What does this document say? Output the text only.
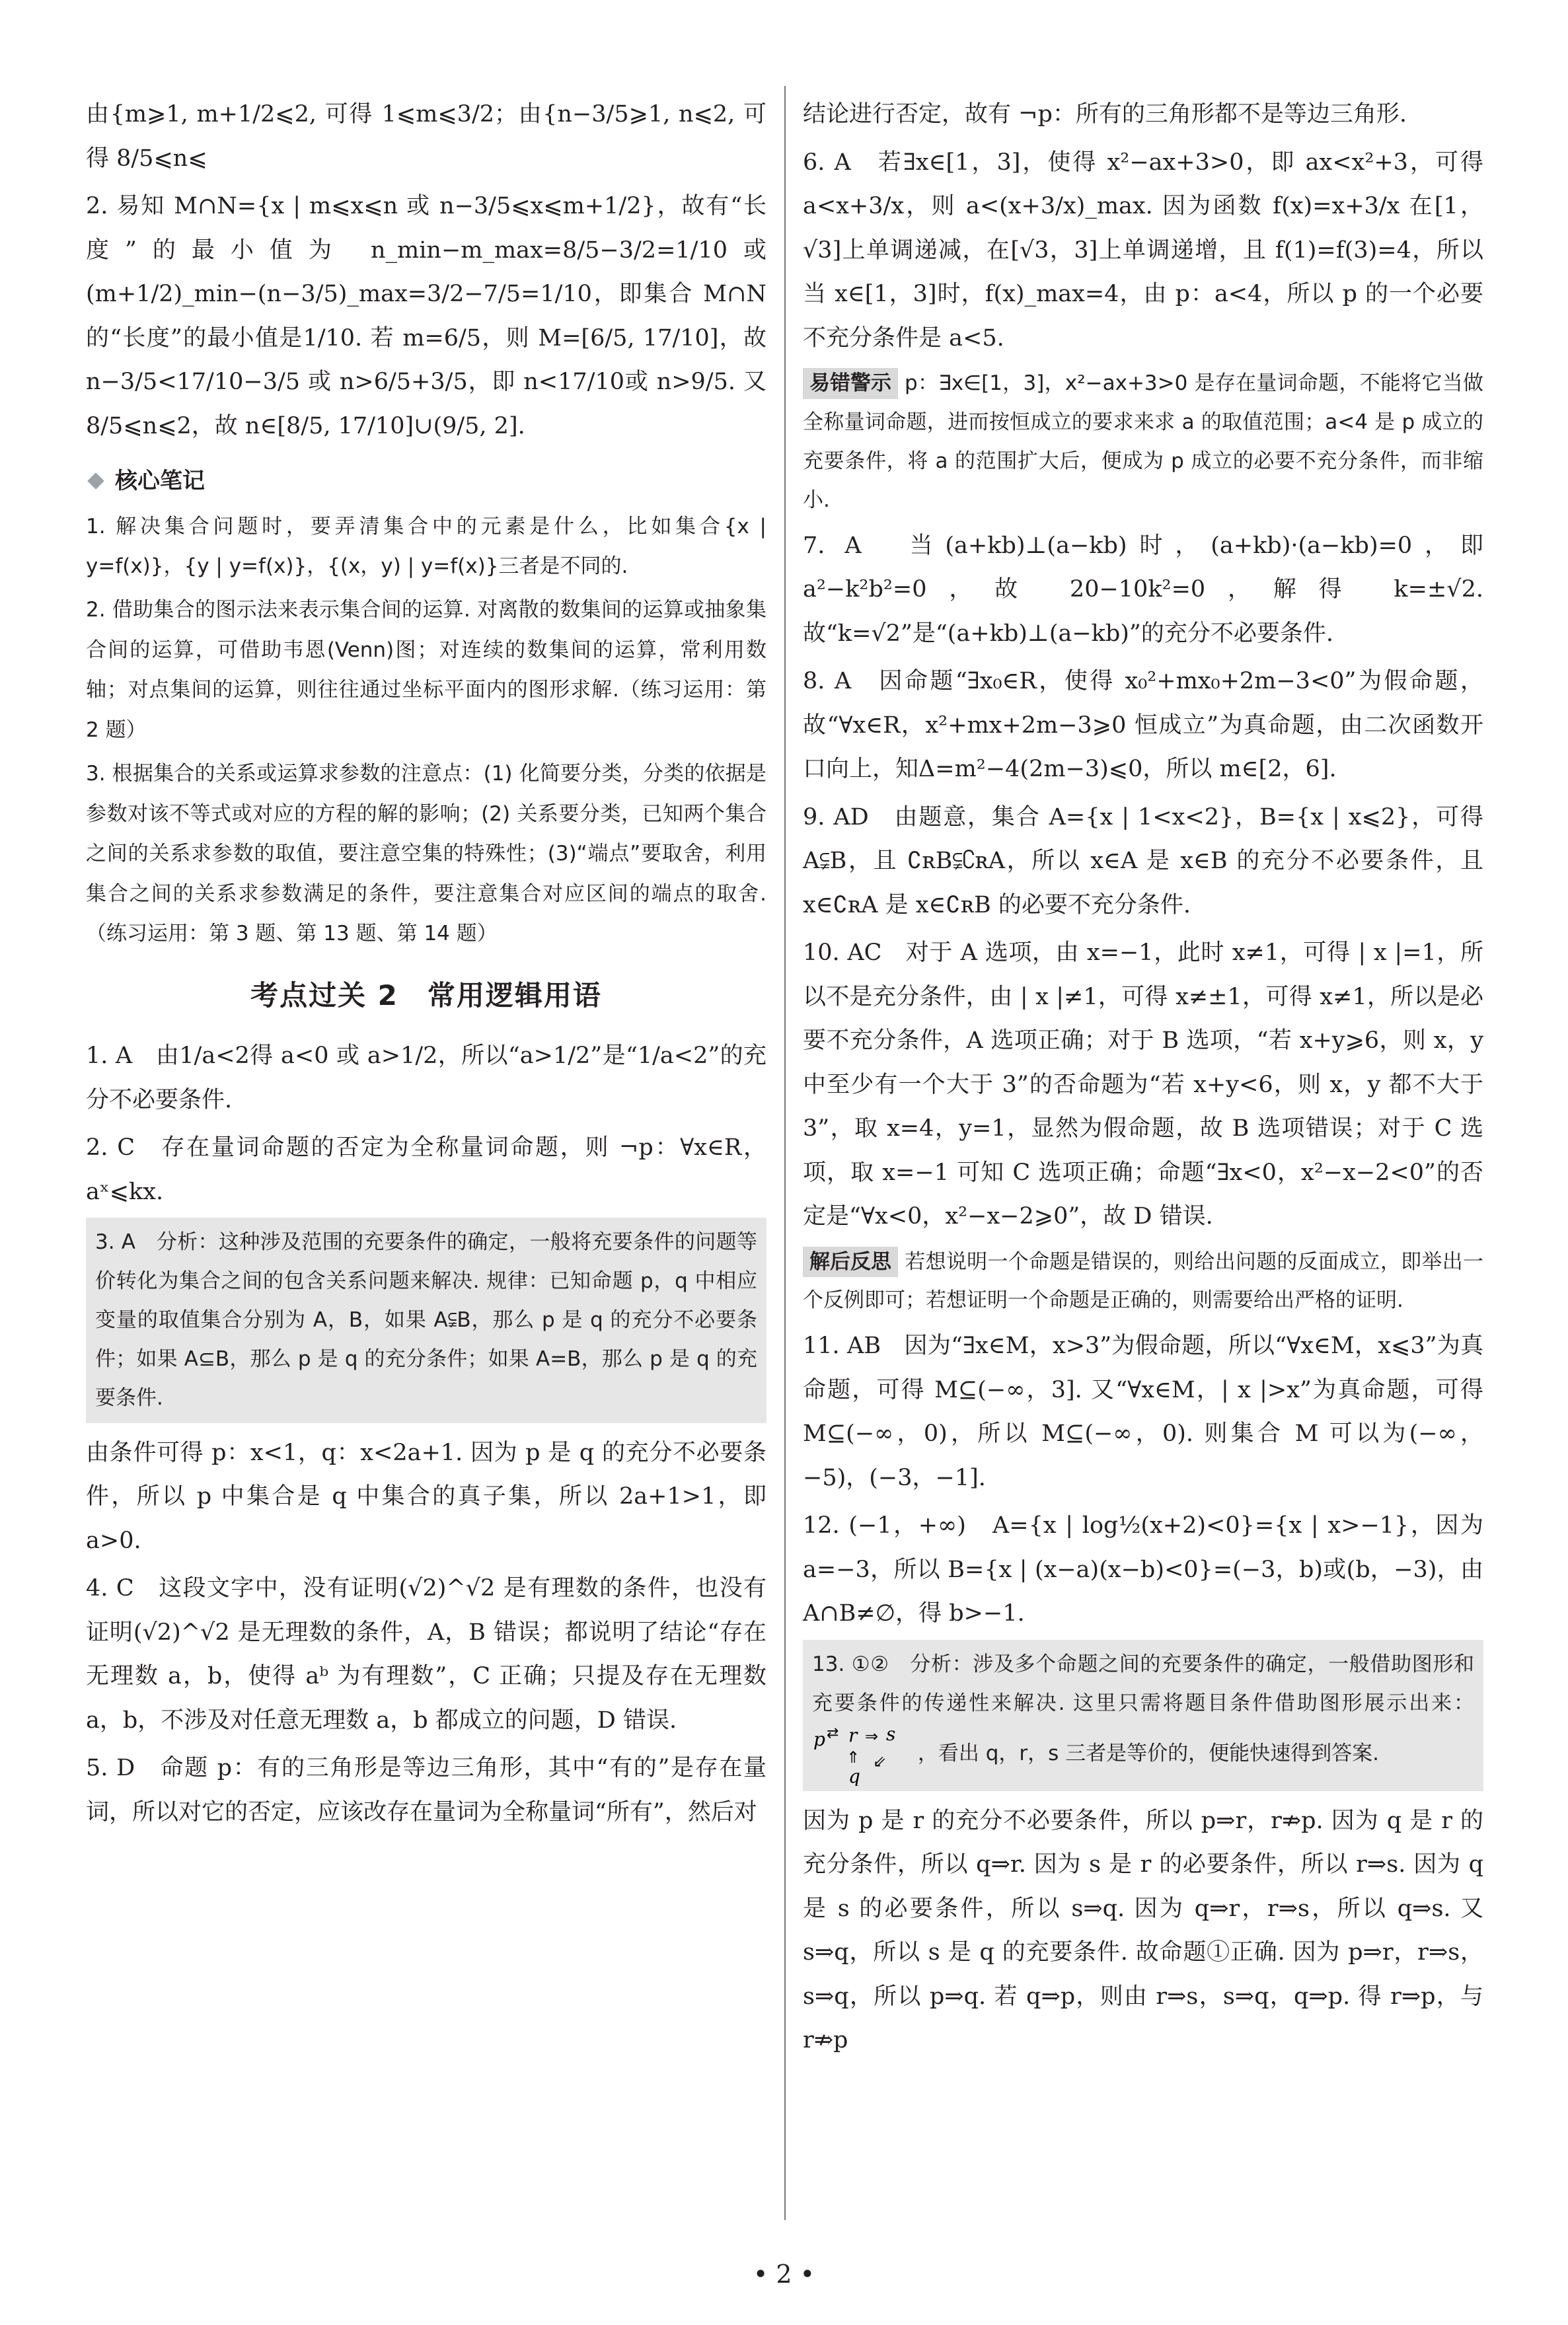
由{m⩾1, m+1/2⩽2, 可得 1⩽m⩽3/2；由{n−3/5⩾1, n⩽2, 可得 8/5⩽n⩽

2. 易知 M∩N={x | m⩽x⩽n 或 n−3/5⩽x⩽m+1/2}，故有“长度”的最小值为 n_min−m_max=8/5−3/2=1/10或(m+1/2)_min−(n−3/5)_max=3/2−7/5=1/10，即集合 M∩N 的“长度”的最小值是1/10. 若 m=6/5，则 M=[6/5, 17/10]，故 n−3/5<17/10−3/5 或 n>6/5+3/5，即 n<17/10或 n>9/5. 又 8/5⩽n⩽2，故 n∈[8/5, 17/10]∪(9/5, 2].

核心笔记

1. 解决集合问题时，要弄清集合中的元素是什么，比如集合{x | y=f(x)}，{y | y=f(x)}，{(x，y) | y=f(x)}三者是不同的.

2. 借助集合的图示法来表示集合间的运算. 对离散的数集间的运算或抽象集合间的运算，可借助韦恩(Venn)图；对连续的数集间的运算，常利用数轴；对点集间的运算，则往往通过坐标平面内的图形求解.（练习运用：第 2 题）

3. 根据集合的关系或运算求参数的注意点：(1) 化简要分类，分类的依据是参数对该不等式或对应的方程的解的影响；(2) 关系要分类，已知两个集合之间的关系求参数的取值，要注意空集的特殊性；(3)“端点”要取舍，利用集合之间的关系求参数满足的条件，要注意集合对应区间的端点的取舍.（练习运用：第 3 题、第 13 题、第 14 题）

考点过关 2　常用逻辑用语

1. A　由1/a<2得 a<0 或 a>1/2，所以“a>1/2”是“1/a<2”的充分不必要条件.

2. C　存在量词命题的否定为全称量词命题，则 ¬p：∀x∈R，aˣ⩽kx.

3. A　分析：这种涉及范围的充要条件的确定，一般将充要条件的问题等价转化为集合之间的包含关系问题来解决. 规律：已知命题 p，q 中相应变量的取值集合分别为 A，B，如果 A⫋B，那么 p 是 q 的充分不必要条件；如果 A⊆B，那么 p 是 q 的充分条件；如果 A=B，那么 p 是 q 的充要条件.

由条件可得 p：x<1，q：x<2a+1. 因为 p 是 q 的充分不必要条件，所以 p 中集合是 q 中集合的真子集，所以 2a+1>1，即 a>0.

4. C　这段文字中，没有证明(√2)^√2 是有理数的条件，也没有证明(√2)^√2 是无理数的条件，A，B 错误；都说明了结论“存在无理数 a，b，使得 aᵇ 为有理数”，C 正确；只提及存在无理数 a，b，不涉及对任意无理数 a，b 都成立的问题，D 错误.

5. D　命题 p：有的三角形是等边三角形，其中“有的”是存在量词，所以对它的否定，应该改存在量词为全称量词“所有”，然后对

结论进行否定，故有 ¬p：所有的三角形都不是等边三角形.

6. A　若∃x∈[1，3]，使得 x²−ax+3>0，即 ax<x²+3，可得 a<x+3/x，则 a<(x+3/x)_max. 因为函数 f(x)=x+3/x 在[1，√3]上单调递减，在[√3，3]上单调递增，且 f(1)=f(3)=4，所以当 x∈[1，3]时，f(x)_max=4，由 p：a<4，所以 p 的一个必要不充分条件是 a<5.

易错警示 p：∃x∈[1，3]，x²−ax+3>0 是存在量词命题，不能将它当做全称量词命题，进而按恒成立的要求来求 a 的取值范围；a<4 是 p 成立的充要条件，将 a 的范围扩大后，便成为 p 成立的必要不充分条件，而非缩小.

7. A　当(a+kb)⊥(a−kb)时，(a+kb)·(a−kb)=0，即a²−k²b²=0，故 20−10k²=0，解得 k=±√2. 故“k=√2”是“(a+kb)⊥(a−kb)”的充分不必要条件.

8. A　因命题“∃x₀∈R，使得 x₀²+mx₀+2m−3<0”为假命题，故“∀x∈R，x²+mx+2m−3⩾0 恒成立”为真命题，由二次函数开口向上，知Δ=m²−4(2m−3)⩽0，所以 m∈[2，6].

9. AD　由题意，集合 A={x | 1<x<2}，B={x | x⩽2}，可得 A⫋B，且 ∁ʀB⫋∁ʀA，所以 x∈A 是 x∈B 的充分不必要条件，且 x∈∁ʀA 是 x∈∁ʀB 的必要不充分条件.

10. AC　对于 A 选项，由 x=−1，此时 x≠1，可得 | x |=1，所以不是充分条件，由 | x |≠1，可得 x≠±1，可得 x≠1，所以是必要不充分条件，A 选项正确；对于 B 选项，“若 x+y⩾6，则 x，y 中至少有一个大于 3”的否命题为“若 x+y<6，则 x，y 都不大于 3”，取 x=4，y=1，显然为假命题，故 B 选项错误；对于 C 选项，取 x=−1 可知 C 选项正确；命题“∃x<0，x²−x−2<0”的否定是“∀x<0，x²−x−2⩾0”，故 D 错误.

解后反思 若想说明一个命题是错误的，则给出问题的反面成立，即举出一个反例即可；若想证明一个命题是正确的，则需要给出严格的证明.

11. AB　因为“∃x∈M，x>3”为假命题，所以“∀x∈M，x⩽3”为真命题，可得 M⊆(−∞，3]. 又“∀x∈M，| x |>x”为真命题，可得 M⊆(−∞，0)，所以 M⊆(−∞，0). 则集合 M 可以为(−∞，−5)，(−3，−1].

12. (−1，+∞)　A={x | log½(x+2)<0}={x | x>−1}，因为 a=−3，所以 B={x | (x−a)(x−b)<0}=(−3，b)或(b，−3)，由 A∩B≠∅，得 b>−1.

13. ①②　分析：涉及多个命题之间的充要条件的确定，一般借助图形和充要条件的传递性来解决. 这里只需将题目条件借助图形展示出来：
p ⇄ r ⇒ s
⇑ ⇙
q
，看出 q，r，s 三者是等价的，便能快速得到答案.

因为 p 是 r 的充分不必要条件，所以 p⇒r，r⇏p. 因为 q 是 r 的充分条件，所以 q⇒r. 因为 s 是 r 的必要条件，所以 r⇒s. 因为 q 是 s 的必要条件，所以 s⇒q. 因为 q⇒r，r⇒s，所以 q⇒s. 又 s⇒q，所以 s 是 q 的充要条件. 故命题①正确. 因为 p⇒r，r⇒s，s⇒q，所以 p⇒q. 若 q⇒p，则由 r⇒s，s⇒q，q⇒p. 得 r⇒p，与 r⇏p

• 2 •
